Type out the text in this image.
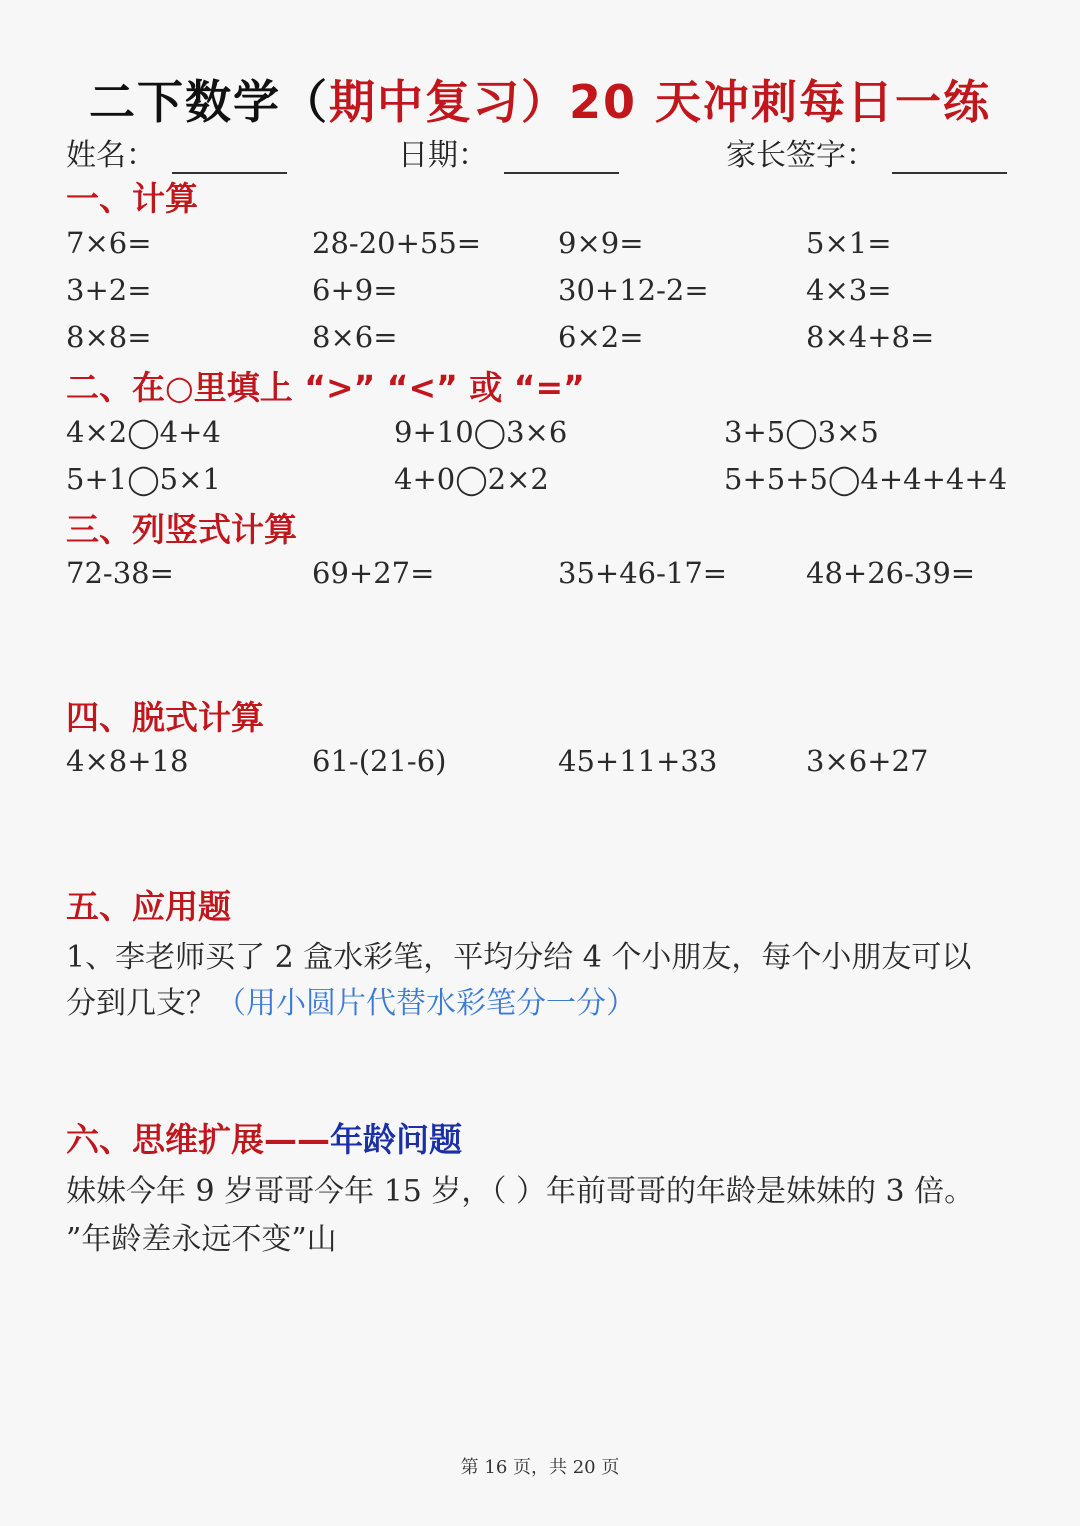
二下数学（期中复习）20 天冲刺每日一练
姓名：	日期：	家长签字：
一、计算
7×6=	28-20+55=	9×9=	5×1=
3+2=	6+9=	30+12-2=	4×3=
8×8=	8×6=	6×2=	8×4+8=
二、在○里填上 “>” “<” 或 “=”
4×2◯4+4	9+10◯3×6	3+5◯3×5
5+1◯5×1	4+0◯2×2	5+5+5◯4+4+4+4
三、列竖式计算
72-38=	69+27=	35+46-17=	48+26-39=
四、脱式计算
4×8+18	61-(21-6)	45+11+33	3×6+27
五、应用题
1、李老师买了 2 盒水彩笔，平均分给 4 个小朋友，每个小朋友可以
分到几支？（用小圆片代替水彩笔分一分）
六、思维扩展——年龄问题
妹妹今年 9 岁哥哥今年 15 岁，（ ）年前哥哥的年龄是妹妹的 3 倍。
”年龄差永远不变”山
第 16 页，共 20 页
